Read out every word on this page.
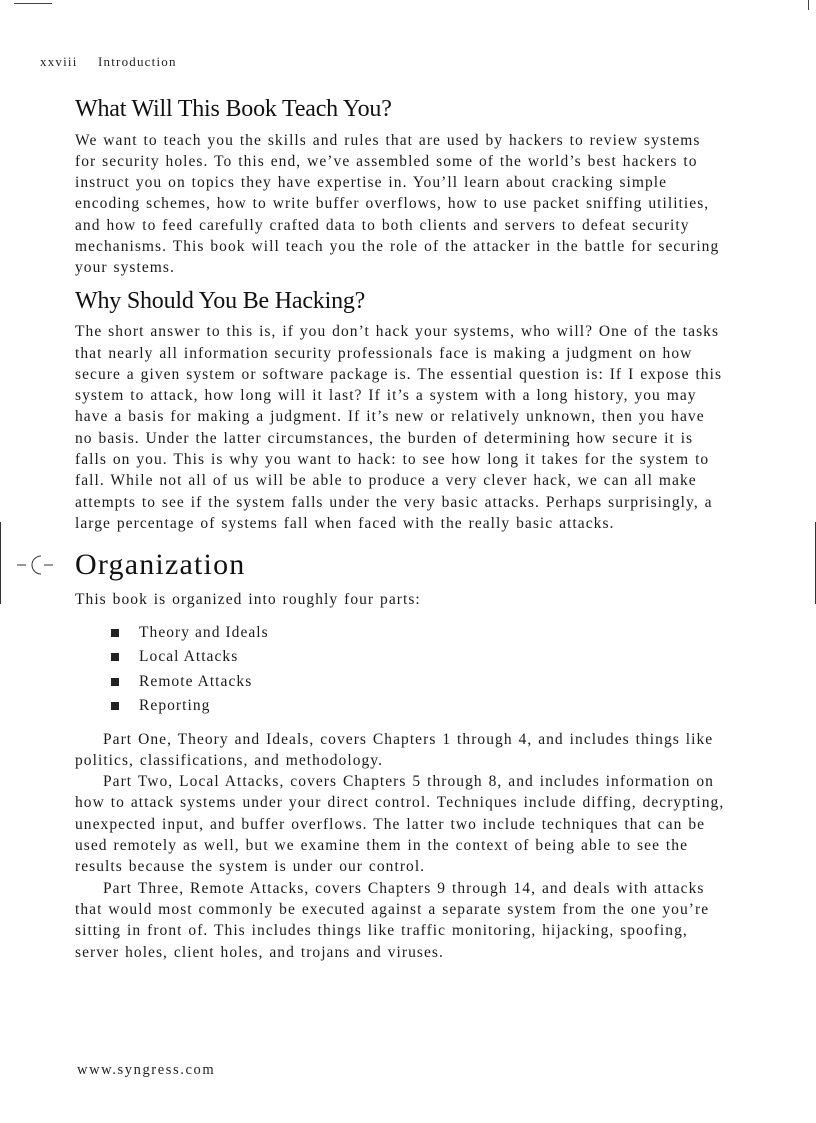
xxviii Introduction
What Will This Book Teach You?

We want to teach you the skills and rules that are used by hackers to review systems for security holes. To this end, we’ve assembled some of the world’s best hackers to instruct you on topics they have expertise in. You’ll learn about cracking simple encoding schemes, how to write buffer overflows, how to use packet sniffing utilities, and how to feed carefully crafted data to both clients and servers to defeat security mechanisms. This book will teach you the role of the attacker in the battle for securing your systems.

Why Should You Be Hacking?

The short answer to this is, if you don’t hack your systems, who will? One of the tasks that nearly all information security professionals face is making a judgment on how secure a given system or software package is. The essential question is: If I expose this system to attack, how long will it last? If it’s a system with a long history, you may have a basis for making a judgment. If it’s new or relatively unknown, then you have no basis. Under the latter circumstances, the burden of determining how secure it is falls on you. This is why you want to hack: to see how long it takes for the system to fall. While not all of us will be able to produce a very clever hack, we can all make attempts to see if the system falls under the very basic attacks. Perhaps surprisingly, a large percentage of systems fall when faced with the really basic attacks.

Organization

This book is organized into roughly four parts:

Theory and Ideals
Local Attacks
Remote Attacks
Reporting

Part One, Theory and Ideals, covers Chapters 1 through 4, and includes things like politics, classifications, and methodology.

Part Two, Local Attacks, covers Chapters 5 through 8, and includes information on how to attack systems under your direct control. Techniques include diffing, decrypting, unexpected input, and buffer overflows. The latter two include techniques that can be used remotely as well, but we examine them in the context of being able to see the results because the system is under our control.

Part Three, Remote Attacks, covers Chapters 9 through 14, and deals with attacks that would most commonly be executed against a separate system from the one you’re sitting in front of. This includes things like traffic monitoring, hijacking, spoofing, server holes, client holes, and trojans and viruses.

www.syngress.com
